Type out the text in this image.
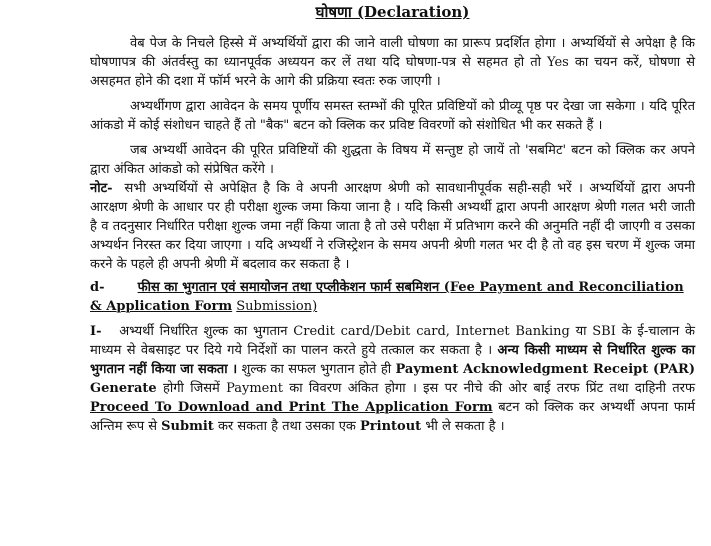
घोषणा (Declaration)

वेब पेज के निचले हिस्से में अभ्यर्थियों द्वारा की जाने वाली घोषणा का प्रारूप प्रदर्शित होगा । अभ्यर्थियों से अपेक्षा है कि घोषणापत्र की अंतर्वस्तु का ध्यानपूर्वक अध्ययन कर लें तथा यदि घोषणा-पत्र से सहमत हो तो Yes का चयन करें, घोषणा से असहमत होने की दशा में फॉर्म भरने के आगे की प्रक्रिया स्वतः रुक जाएगी ।

अभ्यर्थीगण द्वारा आवेदन के समय पूर्णीय समस्त स्तम्भों की पूरित प्रविष्टियों को प्रीव्यू पृष्ठ पर देखा जा सकेगा । यदि पूरित आंकडो में कोई संशोधन चाहते हैं तो "बैक" बटन को क्लिक कर प्रविष्ट विवरणों को संशोधित भी कर सकते हैं ।

जब अभ्यर्थी आवेदन की पूरित प्रविष्टियों की शुद्धता के विषय में सन्तुष्ट हो जायें तो 'सबमिट' बटन को क्लिक कर अपने द्वारा अंकित आंकडो को संप्रेषित करेंगे ।

नोट- सभी अभ्यर्थियों से अपेक्षित है कि वे अपनी आरक्षण श्रेणी को सावधानीपूर्वक सही-सही भरें । अभ्यर्थियों द्वारा अपनी आरक्षण श्रेणी के आधार पर ही परीक्षा शुल्क जमा किया जाना है । यदि किसी अभ्यर्थी द्वारा अपनी आरक्षण श्रेणी गलत भरी जाती है व तदनुसार निर्धारित परीक्षा शुल्क जमा नहीं किया जाता है तो उसे परीक्षा में प्रतिभाग करने की अनुमति नहीं दी जाएगी व उसका अभ्यर्थन निरस्त कर दिया जाएगा । यदि अभ्यर्थी ने रजिस्ट्रेशन के समय अपनी श्रेणी गलत भर दी है तो वह इस चरण में शुल्क जमा करने के पहले ही अपनी श्रेणी में बदलाव कर सकता है ।

d-	फीस का भुगतान एवं समायोजन तथा एप्लीकेशन फार्म सबमिशन (Fee Payment and Reconciliation & Application Form Submission)

I- अभ्यर्थी निर्धारित शुल्क का भुगतान Credit card/Debit card, Internet Banking या SBI के ई-चालान के माध्यम से वेबसाइट पर दिये गये निर्देशों का पालन करते हुये तत्काल कर सकता है । अन्य किसी माध्यम से निर्धारित शुल्क का भुगतान नहीं किया जा सकता । शुल्क का सफल भुगतान होते ही Payment Acknowledgment Receipt (PAR) Generate होगी जिसमें Payment का विवरण अंकित होगा । इस पर नीचे की ओर बाई तरफ प्रिंट तथा दाहिनी तरफ Proceed To Download and Print The Application Form बटन को क्लिक कर अभ्यर्थी अपना फार्म अन्तिम रूप से Submit कर सकता है तथा उसका एक Printout भी ले सकता है ।
